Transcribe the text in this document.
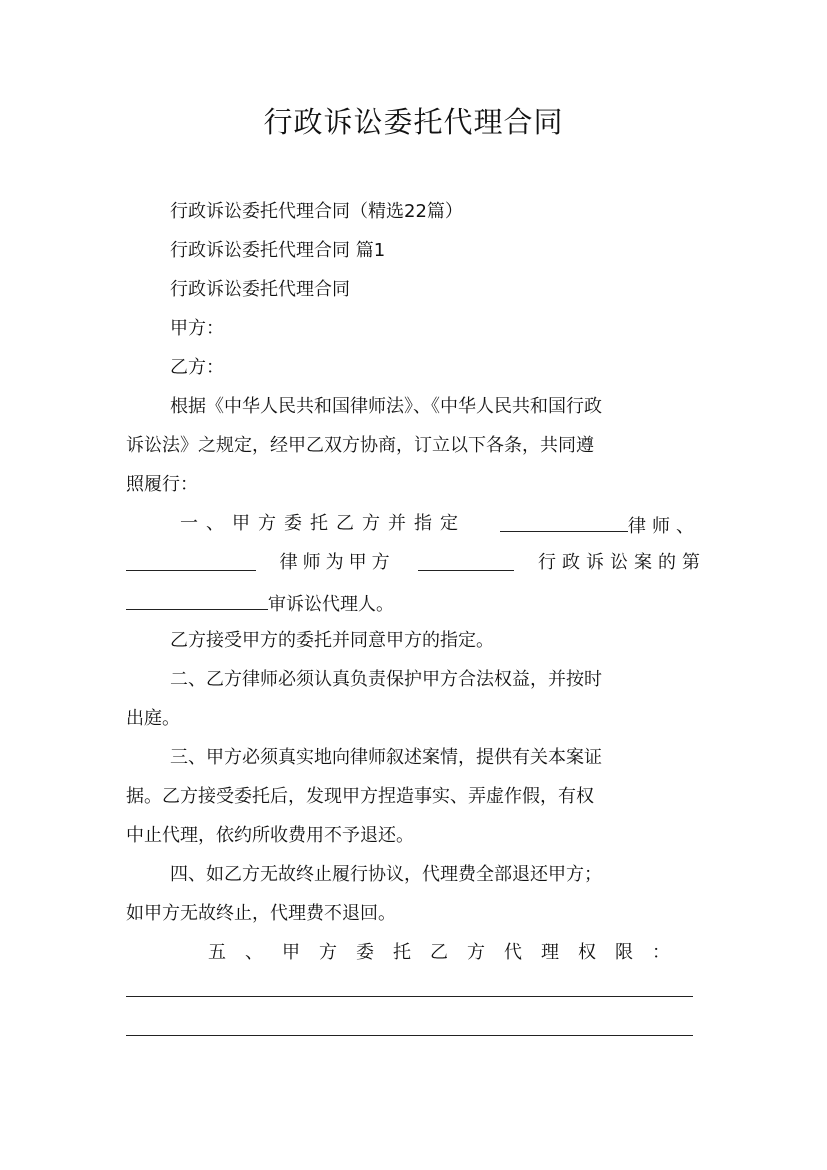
行政诉讼委托代理合同
行政诉讼委托代理合同（精选22篇）
行政诉讼委托代理合同 篇1
行政诉讼委托代理合同
甲方：
乙方：
根据《中华人民共和国律师法》、《中华人民共和国行政
诉讼法》之规定，经甲乙双方协商，订立以下各条，共同遵
照履行：
一、甲方委托乙方并指定	律师、
律师为甲方	行政诉讼案的第
审诉讼代理人。
乙方接受甲方的委托并同意甲方的指定。
二、乙方律师必须认真负责保护甲方合法权益，并按时
出庭。
三、甲方必须真实地向律师叙述案情，提供有关本案证
据。乙方接受委托后，发现甲方捏造事实、弄虚作假，有权
中止代理，依约所收费用不予退还。
四、如乙方无故终止履行协议，代理费全部退还甲方；
如甲方无故终止，代理费不退回。
五、甲方委托乙方代理权限：
